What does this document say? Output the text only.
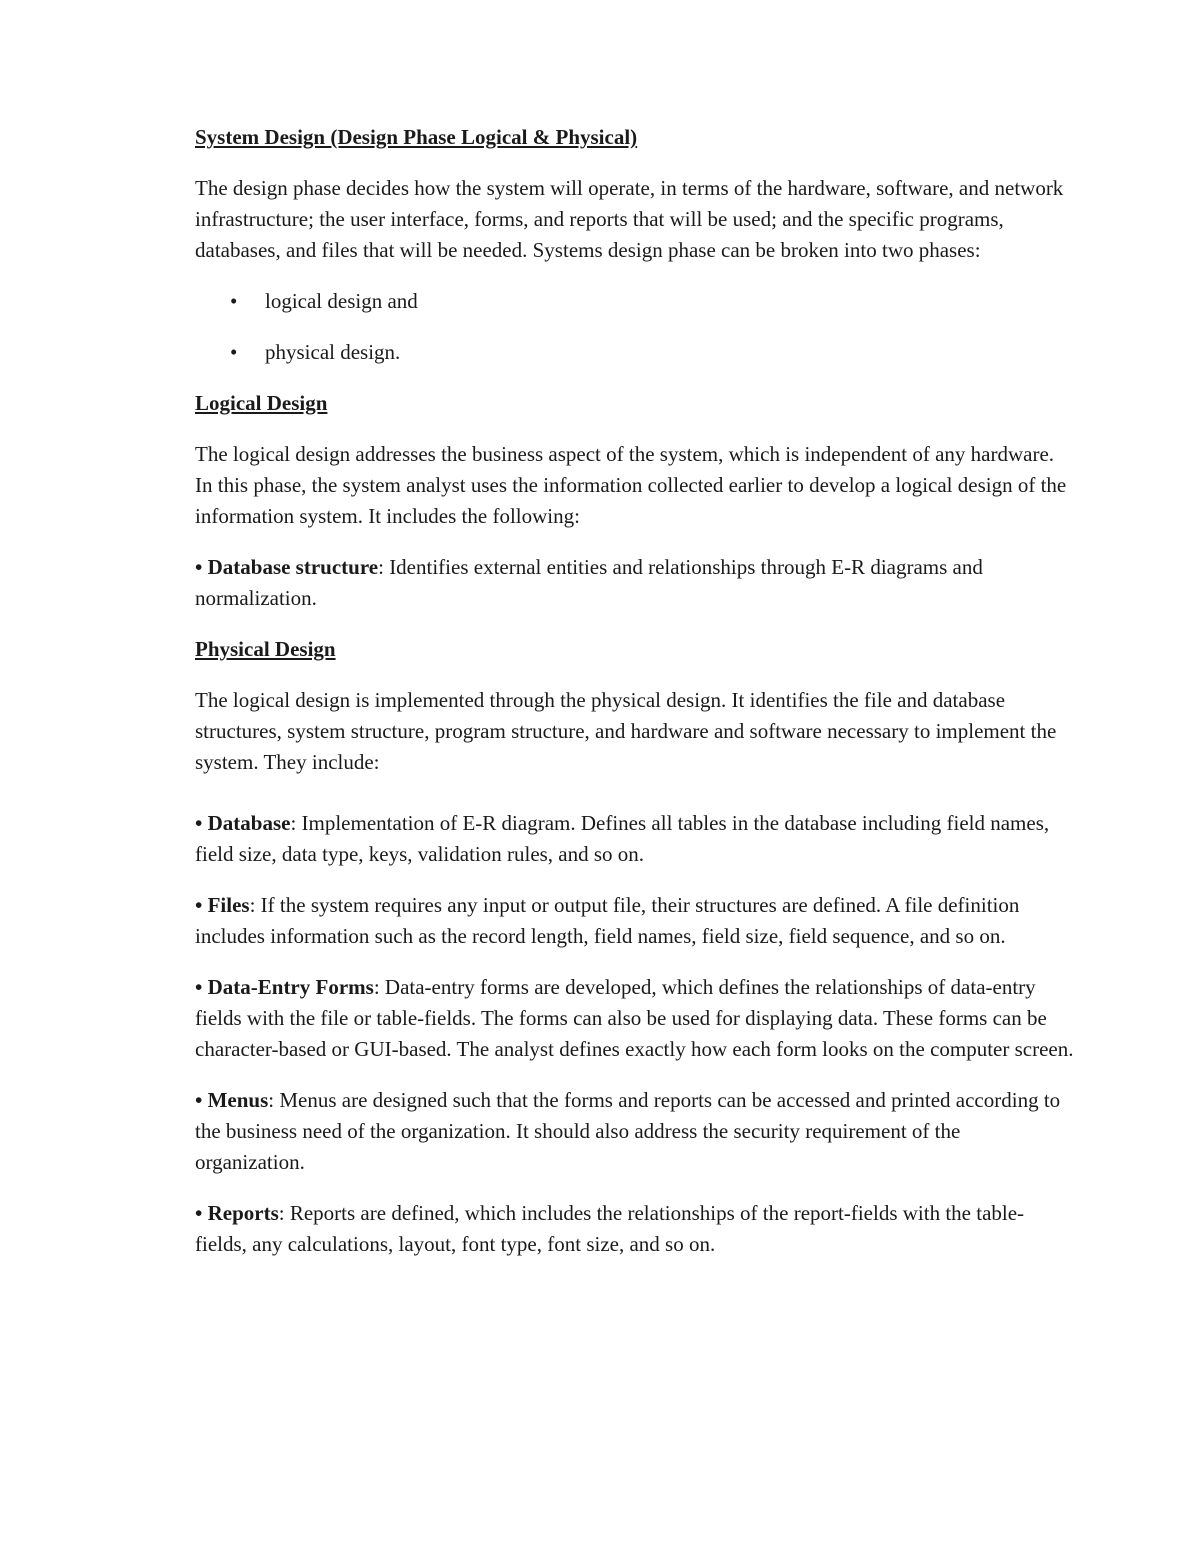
System Design (Design Phase Logical & Physical)

The design phase decides how the system will operate, in terms of the hardware, software, and network infrastructure; the user interface, forms, and reports that will be used; and the specific programs, databases, and files that will be needed. Systems design phase can be broken into two phases:

• logical design and
• physical design.
Logical Design

The logical design addresses the business aspect of the system, which is independent of any hardware. In this phase, the system analyst uses the information collected earlier to develop a logical design of the information system. It includes the following:

• Database structure: Identifies external entities and relationships through E-R diagrams and normalization.
Physical Design

The logical design is implemented through the physical design. It identifies the file and database structures, system structure, program structure, and hardware and software necessary to implement the system. They include:

• Database: Implementation of E-R diagram. Defines all tables in the database including field names, field size, data type, keys, validation rules, and so on.
• Files: If the system requires any input or output file, their structures are defined. A file definition includes information such as the record length, field names, field size, field sequence, and so on.
• Data-Entry Forms: Data-entry forms are developed, which defines the relationships of data-entry fields with the file or table-fields. The forms can also be used for displaying data. These forms can be character-based or GUI-based. The analyst defines exactly how each form looks on the computer screen.
• Menus: Menus are designed such that the forms and reports can be accessed and printed according to the business need of the organization. It should also address the security requirement of the organization.
• Reports: Reports are defined, which includes the relationships of the report-fields with the table-fields, any calculations, layout, font type, font size, and so on.
